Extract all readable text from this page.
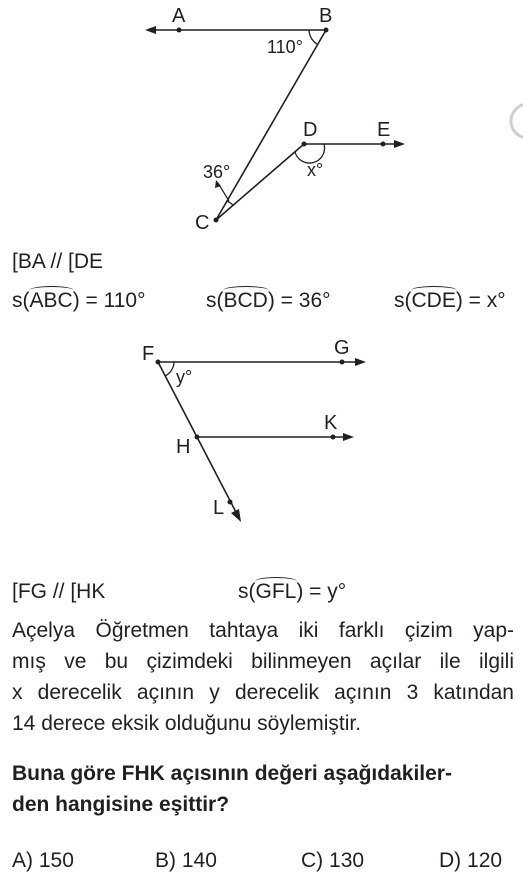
A	B
D	E
C
110°
36°	x°
[BA // [DE
s(ABC) = 110°	s(BCD) = 36°	s(CDE) = x°
F	G
H
K
L
y°
[FG // [HK	s(GFL) = y°
Açelya Öğretmen tahtaya iki farklı çizim yap-
mış ve bu çizimdeki bilinmeyen açılar ile ilgili
x derecelik açının y derecelik açının 3 katından
14 derece eksik olduğunu söylemiştir.
Buna göre FHK açısının değeri aşağıdakiler-
den hangisine eşittir?
A) 150	B) 140	C) 130	D) 120
